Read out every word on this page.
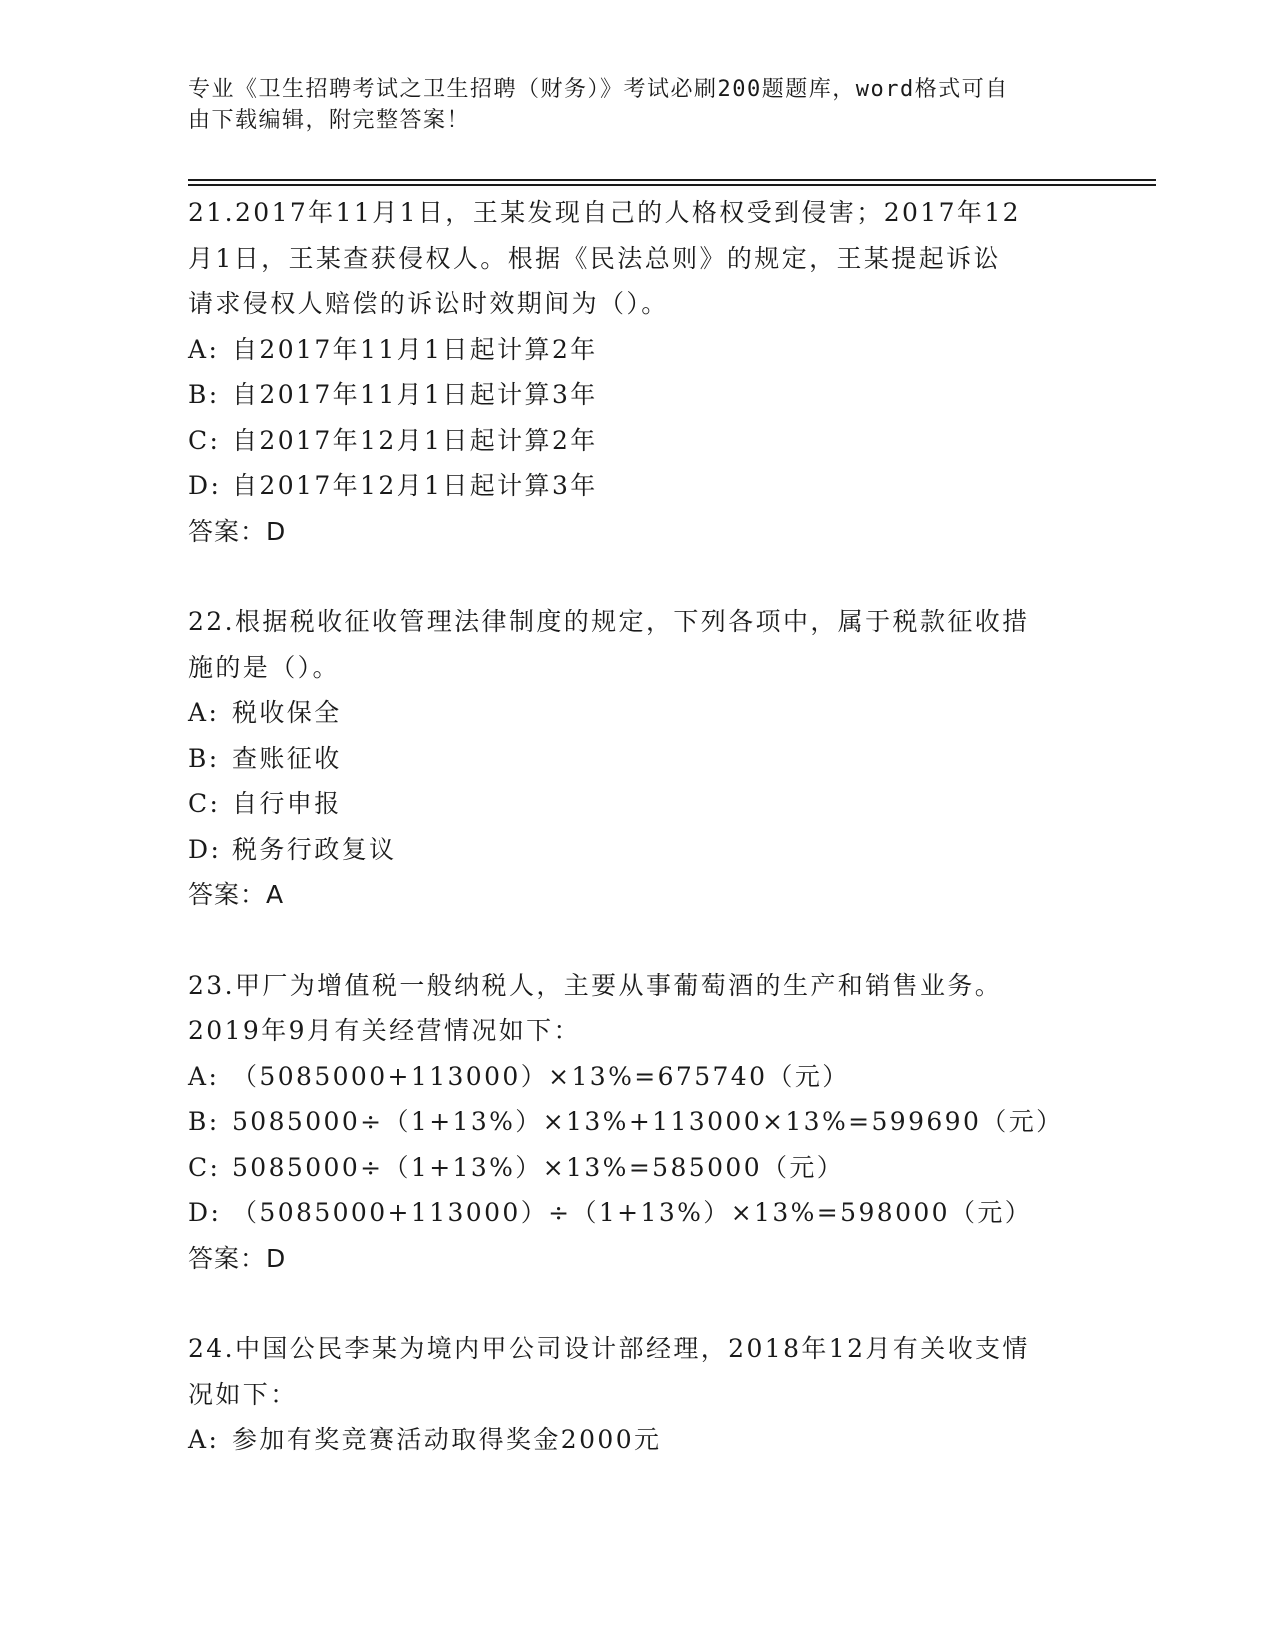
专业《卫生招聘考试之卫生招聘（财务）》考试必刷200题题库，word格式可自
由下载编辑，附完整答案！
21.2017年11月1日，王某发现自己的人格权受到侵害；2017年12
月1日，王某查获侵权人。根据《民法总则》的规定，王某提起诉讼
请求侵权人赔偿的诉讼时效期间为（）。
A: 自2017年11月1日起计算2年
B: 自2017年11月1日起计算3年
C: 自2017年12月1日起计算2年
D: 自2017年12月1日起计算3年
答案：D
22.根据税收征收管理法律制度的规定，下列各项中，属于税款征收措
施的是（）。
A: 税收保全
B: 查账征收
C: 自行申报
D: 税务行政复议
答案：A
23.甲厂为增值税一般纳税人，主要从事葡萄酒的生产和销售业务。
2019年9月有关经营情况如下：
A: （5085000+113000）×13%=675740（元）
B: 5085000÷（1+13%）×13%+113000×13%=599690（元）
C: 5085000÷（1+13%）×13%=585000（元）
D: （5085000+113000）÷（1+13%）×13%=598000（元）
答案：D
24.中国公民李某为境内甲公司设计部经理，2018年12月有关收支情
况如下：
A: 参加有奖竞赛活动取得奖金2000元
